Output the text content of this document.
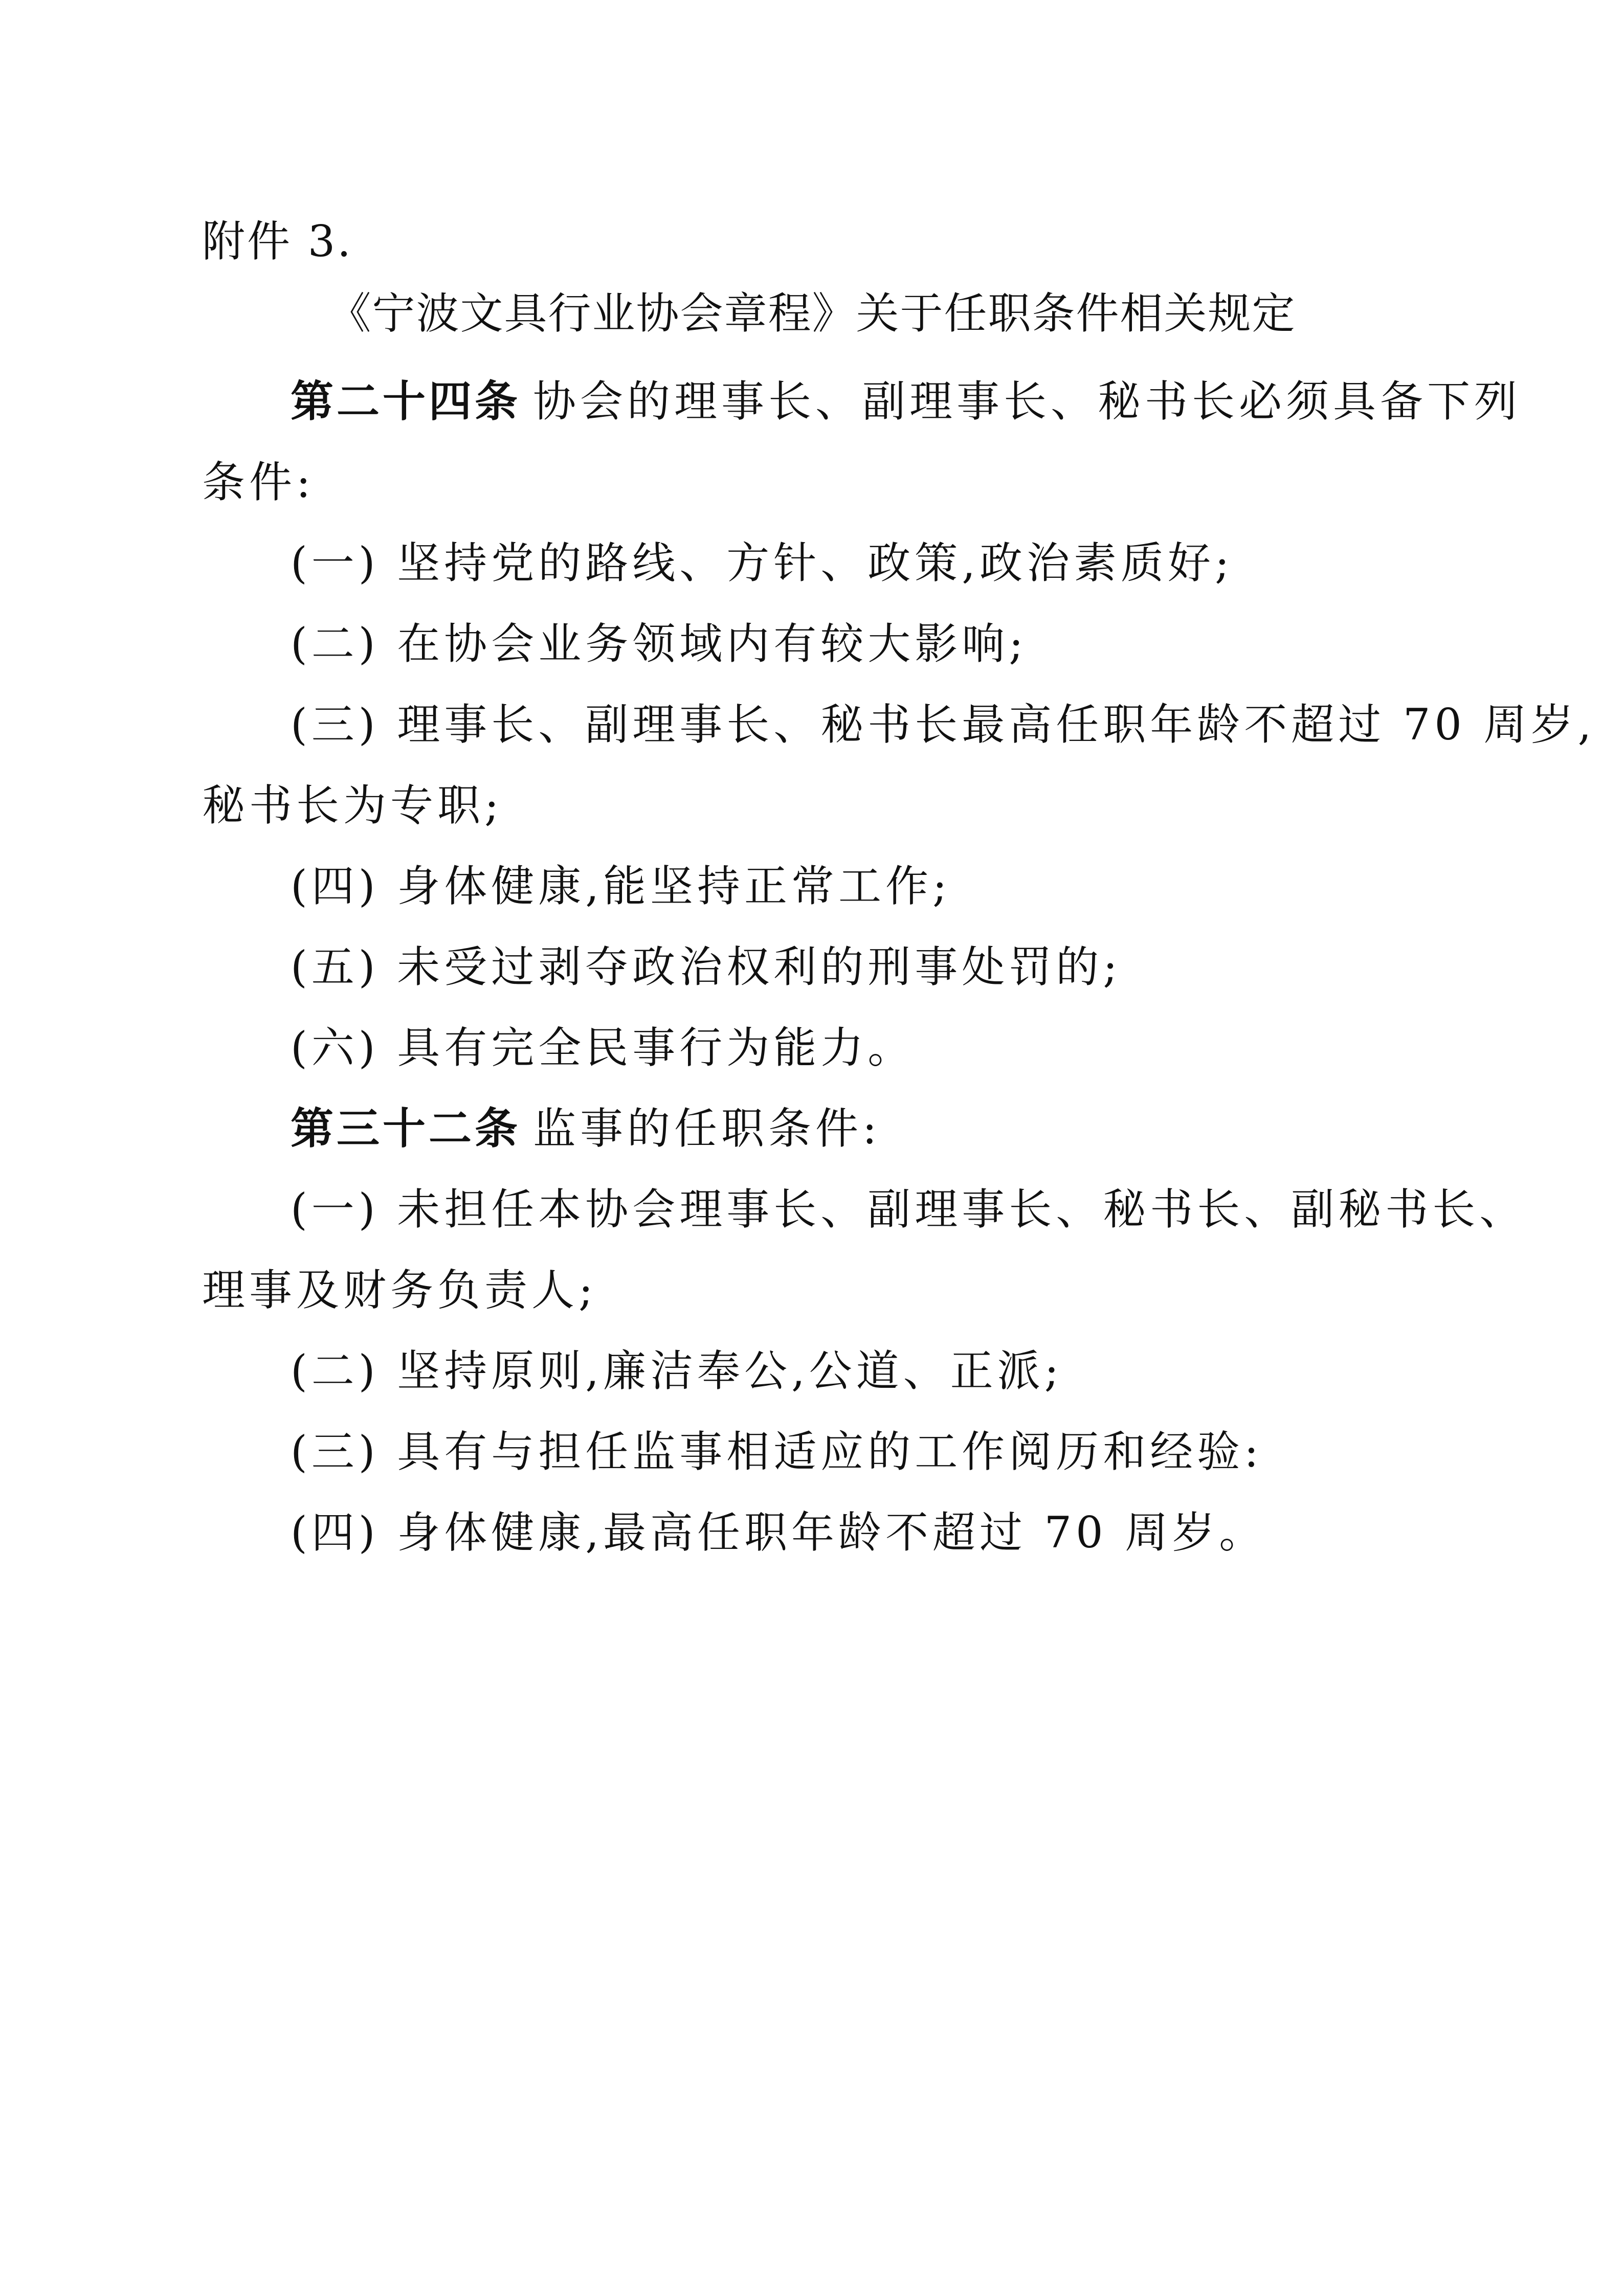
附件 3.
《宁波文具行业协会章程》关于任职条件相关规定
第二十四条 协会的理事长、副理事长、秘书长必须具备下列
条件:
(一) 坚持党的路线、方针、政策,政治素质好;
(二) 在协会业务领域内有较大影响;
(三) 理事长、副理事长、秘书长最高任职年龄不超过 70 周岁,
秘书长为专职;
(四) 身体健康,能坚持正常工作;
(五) 未受过剥夺政治权利的刑事处罚的;
(六) 具有完全民事行为能力。
第三十二条 监事的任职条件:
(一) 未担任本协会理事长、副理事长、秘书长、副秘书长、
理事及财务负责人;
(二) 坚持原则,廉洁奉公,公道、正派;
(三) 具有与担任监事相适应的工作阅历和经验:
(四) 身体健康,最高任职年龄不超过 70 周岁。
